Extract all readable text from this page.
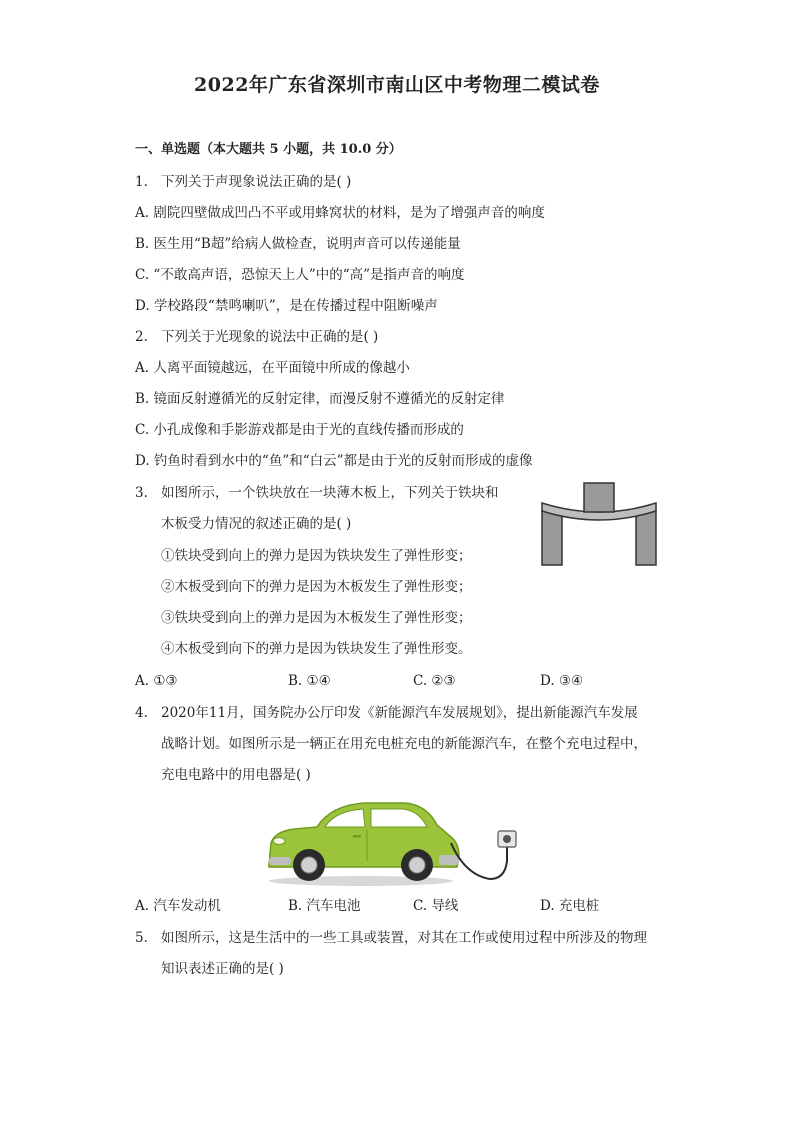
2022年广东省深圳市南山区中考物理二模试卷
一、单选题（本大题共 5 小题，共 10.0 分）
1. 下列关于声现象说法正确的是( )
A. 剧院四壁做成凹凸不平或用蜂窝状的材料，是为了增强声音的响度
B. 医生用“B超”给病人做检查，说明声音可以传递能量
C. “不敢高声语，恐惊天上人”中的“高”是指声音的响度
D. 学校路段“禁鸣喇叭”，是在传播过程中阻断噪声
2. 下列关于光现象的说法中正确的是( )
A. 人离平面镜越远，在平面镜中所成的像越小
B. 镜面反射遵循光的反射定律，而漫反射不遵循光的反射定律
C. 小孔成像和手影游戏都是由于光的直线传播而形成的
D. 钓鱼时看到水中的“鱼”和“白云”都是由于光的反射而形成的虚像
3. 如图所示，一个铁块放在一块薄木板上，下列关于铁块和
木板受力情况的叙述正确的是( )
①铁块受到向上的弹力是因为铁块发生了弹性形变；
②木板受到向下的弹力是因为木板发生了弹性形变；
③铁块受到向上的弹力是因为木板发生了弹性形变；
④木板受到向下的弹力是因为铁块发生了弹性形变。
A. ①③	B. ①④	C. ②③	D. ③④
4. 2020年11月，国务院办公厅印发《新能源汽车发展规划》，提出新能源汽车发展
战略计划。如图所示是一辆正在用充电桩充电的新能源汽车，在整个充电过程中，
充电电路中的用电器是( )
A. 汽车发动机	B. 汽车电池	C. 导线	D. 充电桩
5. 如图所示，这是生活中的一些工具或装置，对其在工作或使用过程中所涉及的物理
知识表述正确的是( )
